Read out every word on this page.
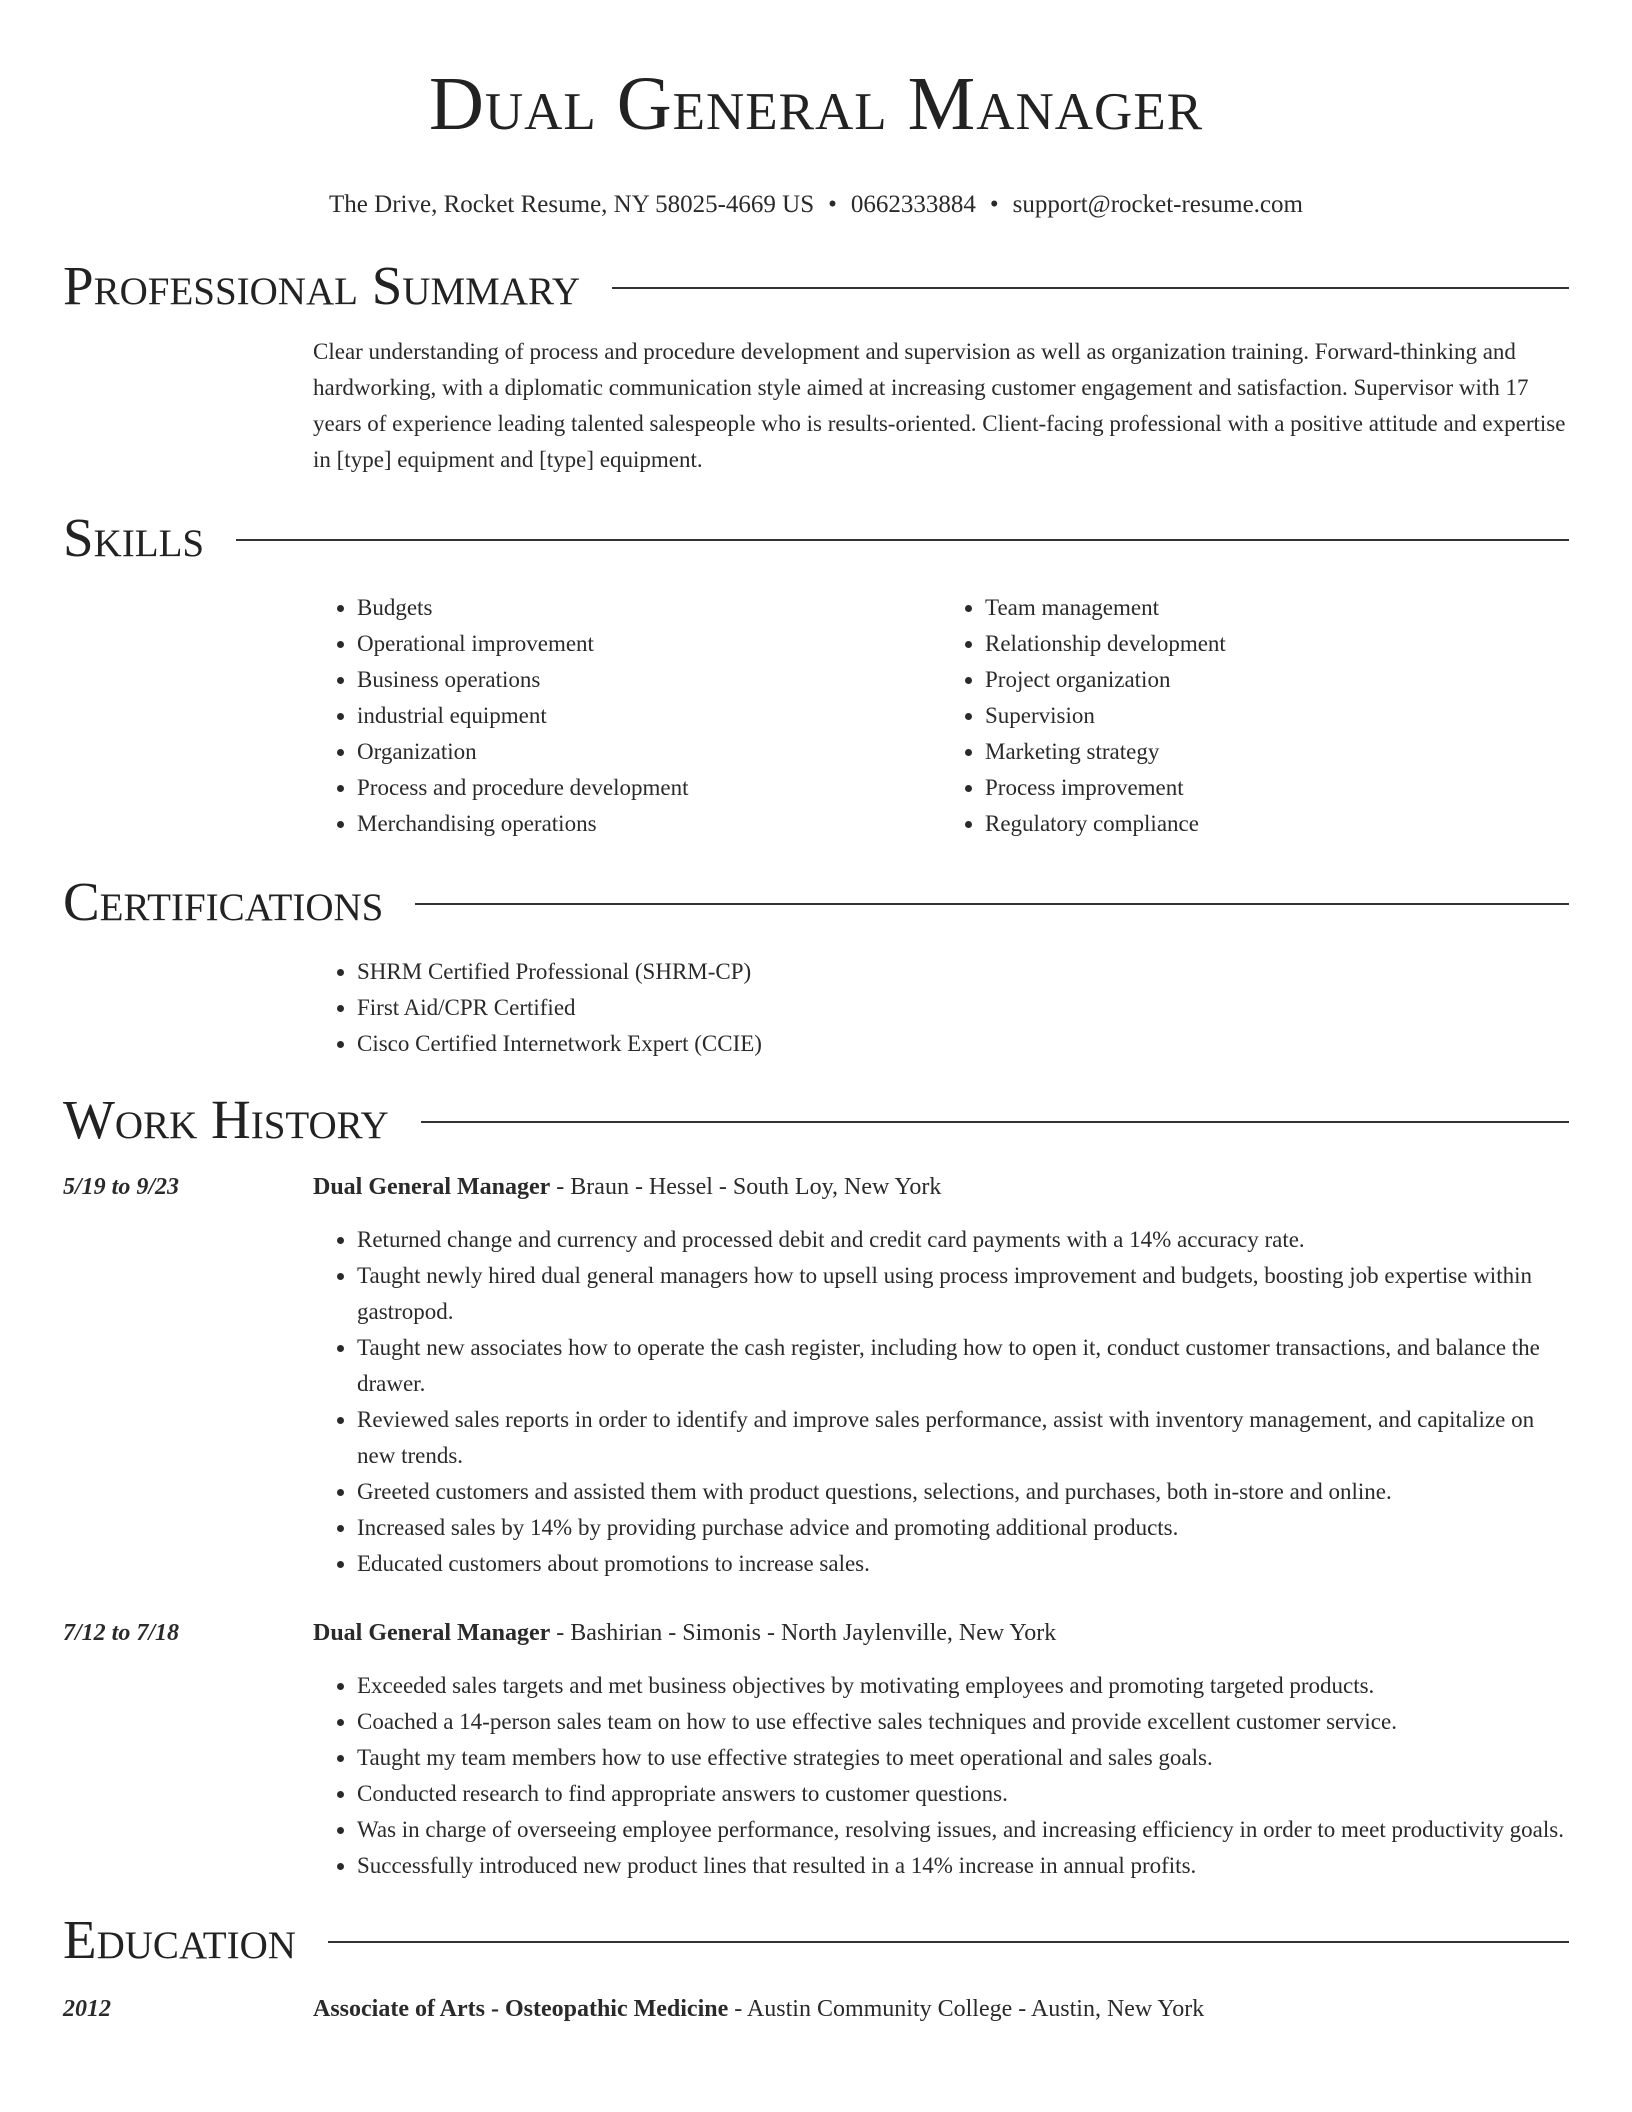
Dual General Manager
The Drive, Rocket Resume, NY 58025-4669 US • 0662333884 • support@rocket-resume.com
Professional Summary
Clear understanding of process and procedure development and supervision as well as organization training. Forward-thinking and hardworking, with a diplomatic communication style aimed at increasing customer engagement and satisfaction. Supervisor with 17 years of experience leading talented salespeople who is results-oriented. Client-facing professional with a positive attitude and expertise in [type] equipment and [type] equipment.
Skills
• Budgets
• Operational improvement
• Business operations
• industrial equipment
• Organization
• Process and procedure development
• Merchandising operations
• Team management
• Relationship development
• Project organization
• Supervision
• Marketing strategy
• Process improvement
• Regulatory compliance
Certifications
• SHRM Certified Professional (SHRM-CP)
• First Aid/CPR Certified
• Cisco Certified Internetwork Expert (CCIE)
Work History
5/19 to 9/23	Dual General Manager - Braun - Hessel - South Loy, New York
• Returned change and currency and processed debit and credit card payments with a 14% accuracy rate.
• Taught newly hired dual general managers how to upsell using process improvement and budgets, boosting job expertise within gastropod.
• Taught new associates how to operate the cash register, including how to open it, conduct customer transactions, and balance the drawer.
• Reviewed sales reports in order to identify and improve sales performance, assist with inventory management, and capitalize on new trends.
• Greeted customers and assisted them with product questions, selections, and purchases, both in-store and online.
• Increased sales by 14% by providing purchase advice and promoting additional products.
• Educated customers about promotions to increase sales.
7/12 to 7/18	Dual General Manager - Bashirian - Simonis - North Jaylenville, New York
• Exceeded sales targets and met business objectives by motivating employees and promoting targeted products.
• Coached a 14-person sales team on how to use effective sales techniques and provide excellent customer service.
• Taught my team members how to use effective strategies to meet operational and sales goals.
• Conducted research to find appropriate answers to customer questions.
• Was in charge of overseeing employee performance, resolving issues, and increasing efficiency in order to meet productivity goals.
• Successfully introduced new product lines that resulted in a 14% increase in annual profits.
Education
2012	Associate of Arts - Osteopathic Medicine - Austin Community College - Austin, New York
